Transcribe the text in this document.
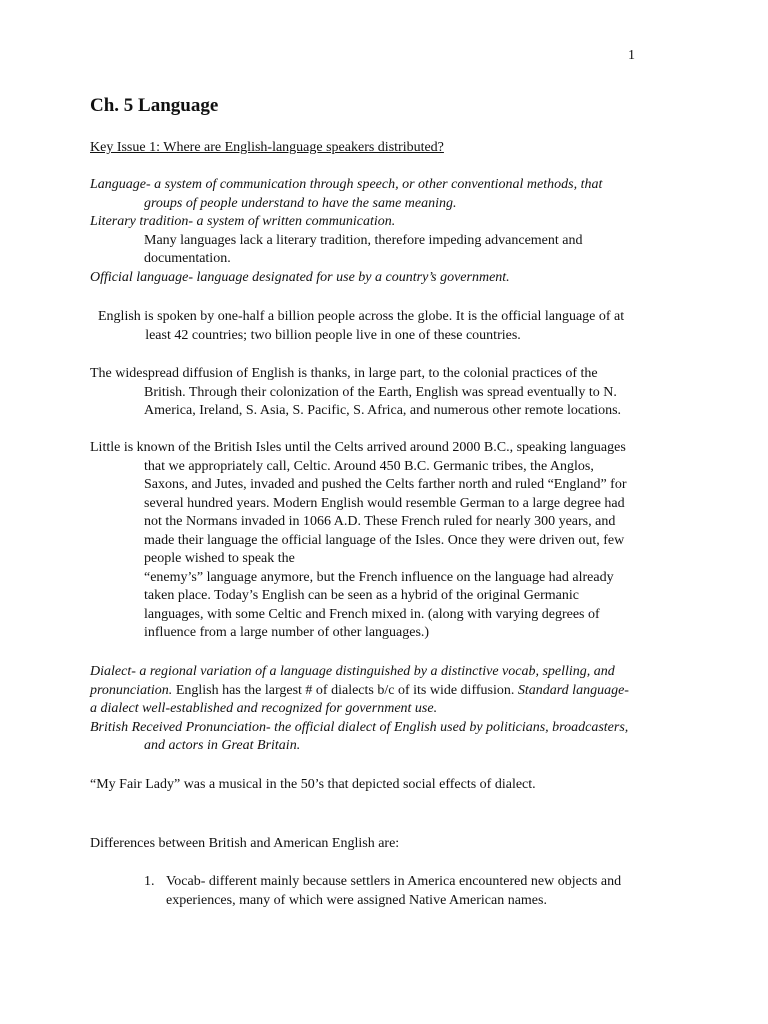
1
Ch. 5 Language
Key Issue 1: Where are English-language speakers distributed?
Language- a system of communication through speech, or other conventional methods, that
groups of people understand to have the same meaning.
Literary tradition- a system of written communication.
Many languages lack a literary tradition, therefore impeding advancement and
documentation.
Official language- language designated for use by a country’s government.
English is spoken by one-half a billion people across the globe. It is the official language of at
least 42 countries; two billion people live in one of these countries.
The widespread diffusion of English is thanks, in large part, to the colonial practices of the
British. Through their colonization of the Earth, English was spread eventually to N.
America, Ireland, S. Asia, S. Pacific, S. Africa, and numerous other remote locations.
Little is known of the British Isles until the Celts arrived around 2000 B.C., speaking languages
that we appropriately call, Celtic. Around 450 B.C. Germanic tribes, the Anglos,
Saxons, and Jutes, invaded and pushed the Celts farther north and ruled “England” for
several hundred years. Modern English would resemble German to a large degree had
not the Normans invaded in 1066 A.D. These French ruled for nearly 300 years, and
made their language the official language of the Isles. Once they were driven out, few
people wished to speak the
“enemy’s” language anymore, but the French influence on the language had already
taken place. Today’s English can be seen as a hybrid of the original Germanic
languages, with some Celtic and French mixed in. (along with varying degrees of
influence from a large number of other languages.)
Dialect- a regional variation of a language distinguished by a distinctive vocab, spelling, and
pronunciation. English has the largest # of dialects b/c of its wide diffusion. Standard language-
a dialect well-established and recognized for government use.
British Received Pronunciation- the official dialect of English used by politicians, broadcasters,
and actors in Great Britain.
“My Fair Lady” was a musical in the 50’s that depicted social effects of dialect.
Differences between British and American English are:
1. Vocab- different mainly because settlers in America encountered new objects and
experiences, many of which were assigned Native American names.
